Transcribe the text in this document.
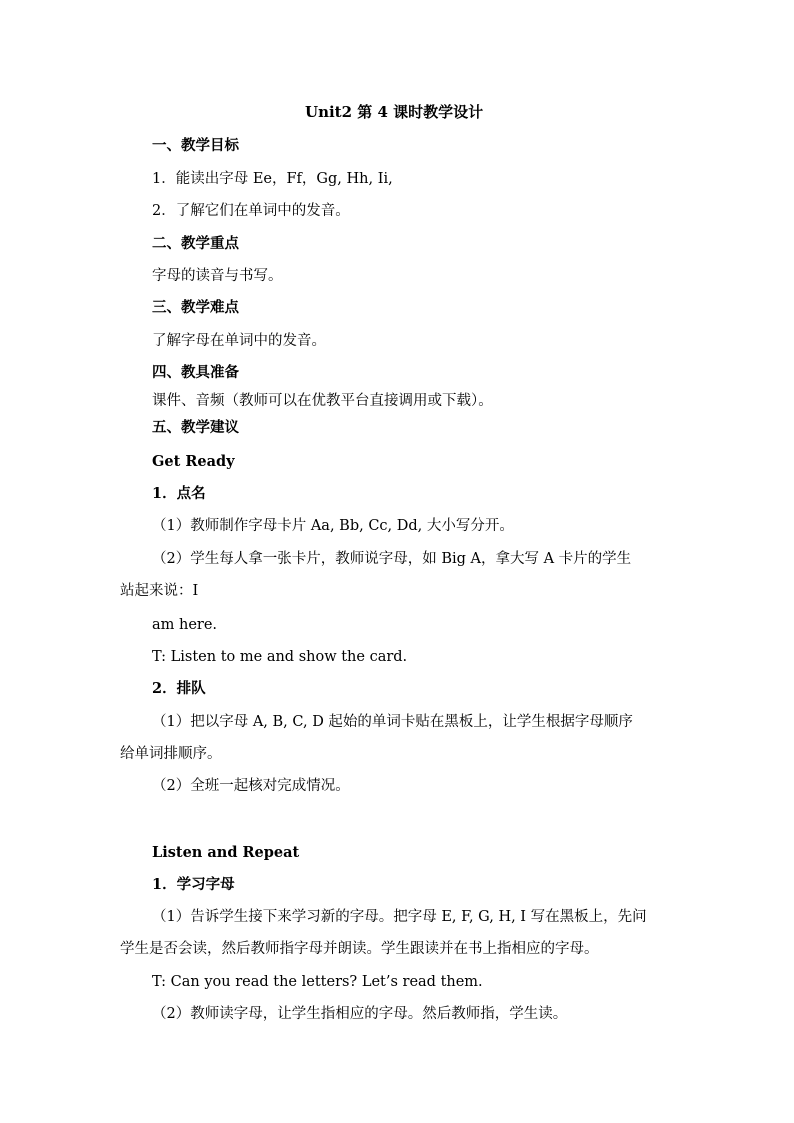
Unit2 第 4 课时教学设计
一、教学目标
1．能读出字母 Ee，Ff，Gg, Hh, Ii,
2．了解它们在单词中的发音。
二、教学重点
字母的读音与书写。
三、教学难点
了解字母在单词中的发音。
四、教具准备
课件、音频（教师可以在优教平台直接调用或下载）。
五、教学建议
Get Ready
1．点名
（1）教师制作字母卡片 Aa, Bb, Cc, Dd, 大小写分开。
（2）学生每人拿一张卡片，教师说字母，如 Big A，拿大写 A 卡片的学生
站起来说：I
am here.
T: Listen to me and show the card.
2．排队
（1）把以字母 A, B, C, D 起始的单词卡贴在黑板上，让学生根据字母顺序
给单词排顺序。
（2）全班一起核对完成情况。
Listen and Repeat
1．学习字母
（1）告诉学生接下来学习新的字母。把字母 E, F, G, H, I 写在黑板上，先问
学生是否会读，然后教师指字母并朗读。学生跟读并在书上指相应的字母。
T: Can you read the letters? Let’s read them.
（2）教师读字母，让学生指相应的字母。然后教师指，学生读。
